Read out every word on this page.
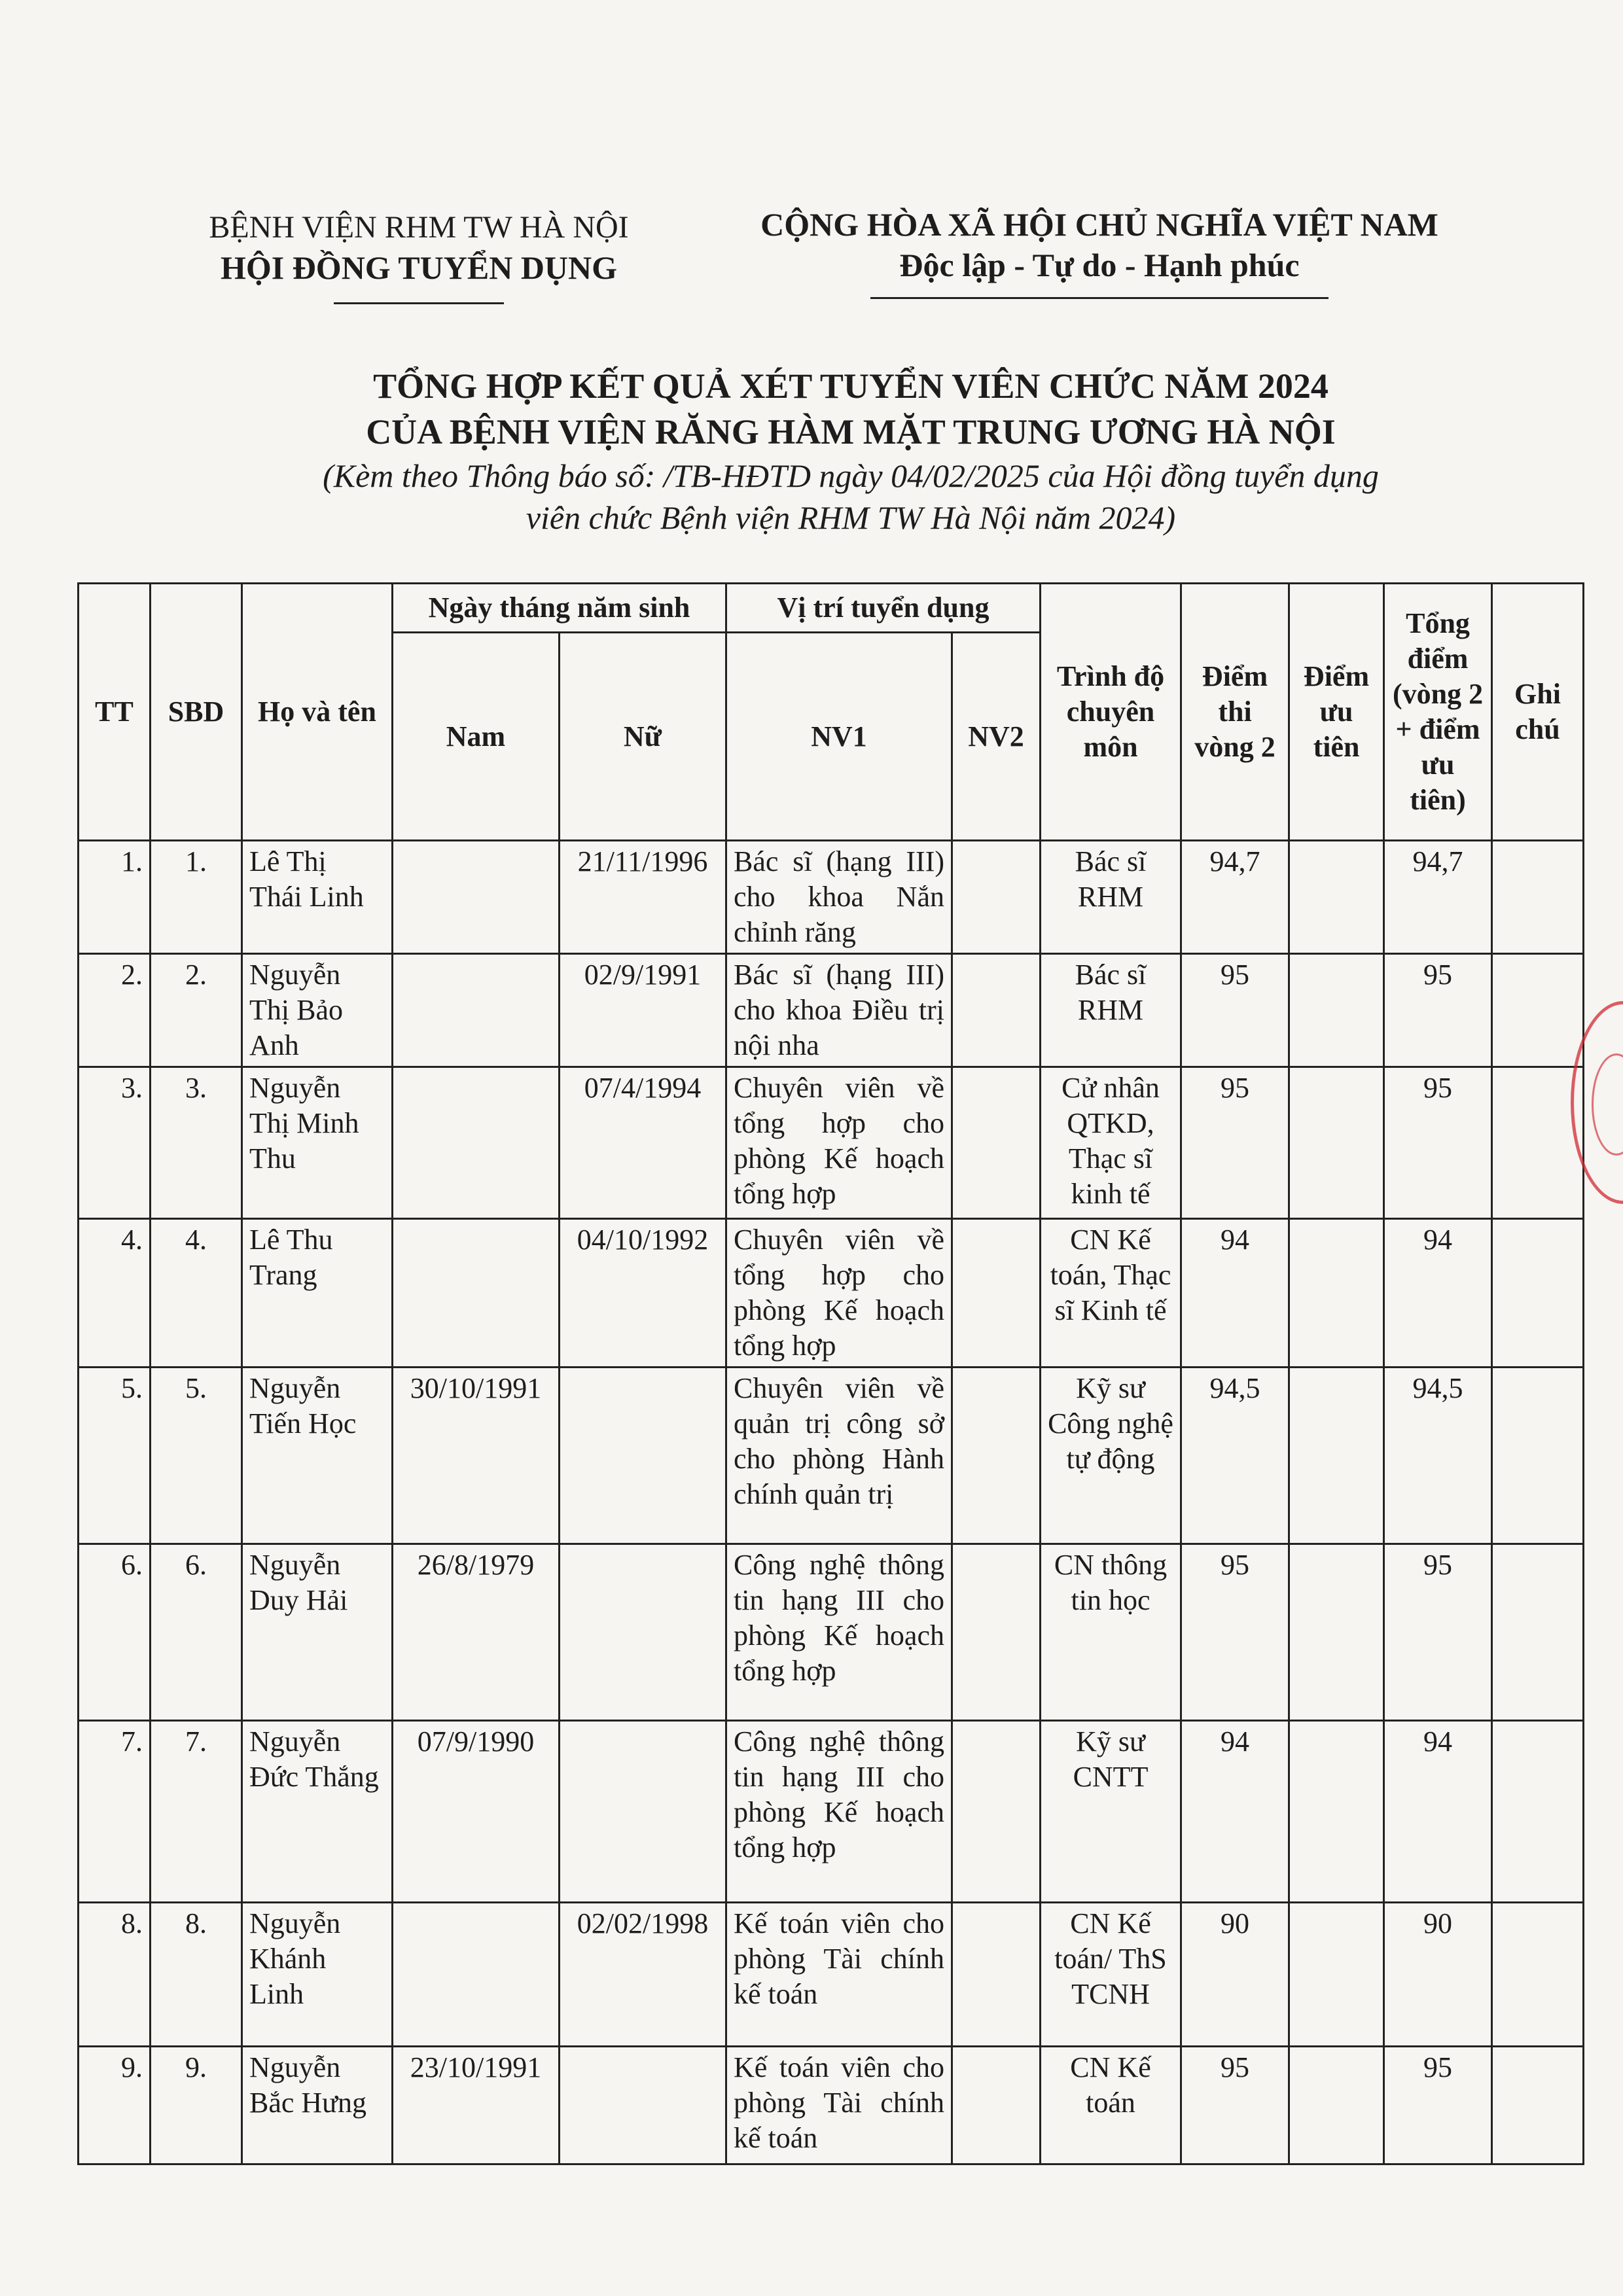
BỆNH VIỆN RHM TW HÀ NỘI
HỘI ĐỒNG TUYỂN DỤNG
CỘNG HÒA XÃ HỘI CHỦ NGHĨA VIỆT NAM
Độc lập - Tự do - Hạnh phúc
TỔNG HỢP KẾT QUẢ XÉT TUYỂN VIÊN CHỨC NĂM 2024
CỦA BỆNH VIỆN RĂNG HÀM MẶT TRUNG ƯƠNG HÀ NỘI
(Kèm theo Thông báo số: /TB-HĐTD ngày 04/02/2025 của Hội đồng tuyển dụng
viên chức Bệnh viện RHM TW Hà Nội năm 2024)
TT	SBD	Họ và tên	Ngày tháng năm sinh		Vị trí tuyển dụng		Trình độ chuyên môn	Điểm thi vòng 2	Điểm ưu tiên	Tổng điểm (vòng 2 + điểm ưu tiên)	Ghi chú
			Nam	Nữ	NV1	NV2					
1.	1.	Lê Thị Thái Linh		21/11/1996	Bác sĩ (hạng III) cho khoa Nắn chỉnh răng		Bác sĩ RHM	94,7		94,7	
2.	2.	Nguyễn Thị Bảo Anh		02/9/1991	Bác sĩ (hạng III) cho khoa Điều trị nội nha		Bác sĩ RHM	95		95	
3.	3.	Nguyễn Thị Minh Thu		07/4/1994	Chuyên viên về tổng hợp cho phòng Kế hoạch tổng hợp		Cử nhân QTKD, Thạc sĩ kinh tế	95		95	
4.	4.	Lê Thu Trang		04/10/1992	Chuyên viên về tổng hợp cho phòng Kế hoạch tổng hợp		CN Kế toán, Thạc sĩ Kinh tế	94		94	
5.	5.	Nguyễn Tiến Học	30/10/1991		Chuyên viên về quản trị công sở cho phòng Hành chính quản trị		Kỹ sư Công nghệ tự động	94,5		94,5	
6.	6.	Nguyễn Duy Hải	26/8/1979		Công nghệ thông tin hạng III cho phòng Kế hoạch tổng hợp		CN thông tin học	95		95	
7.	7.	Nguyễn Đức Thắng	07/9/1990		Công nghệ thông tin hạng III cho phòng Kế hoạch tổng hợp		Kỹ sư CNTT	94		94	
8.	8.	Nguyễn Khánh Linh		02/02/1998	Kế toán viên cho phòng Tài chính kế toán		CN Kế toán/ ThS TCNH	90		90	
9.	9.	Nguyễn Bắc Hưng	23/10/1991		Kế toán viên cho phòng Tài chính kế toán		CN Kế toán	95		95	
